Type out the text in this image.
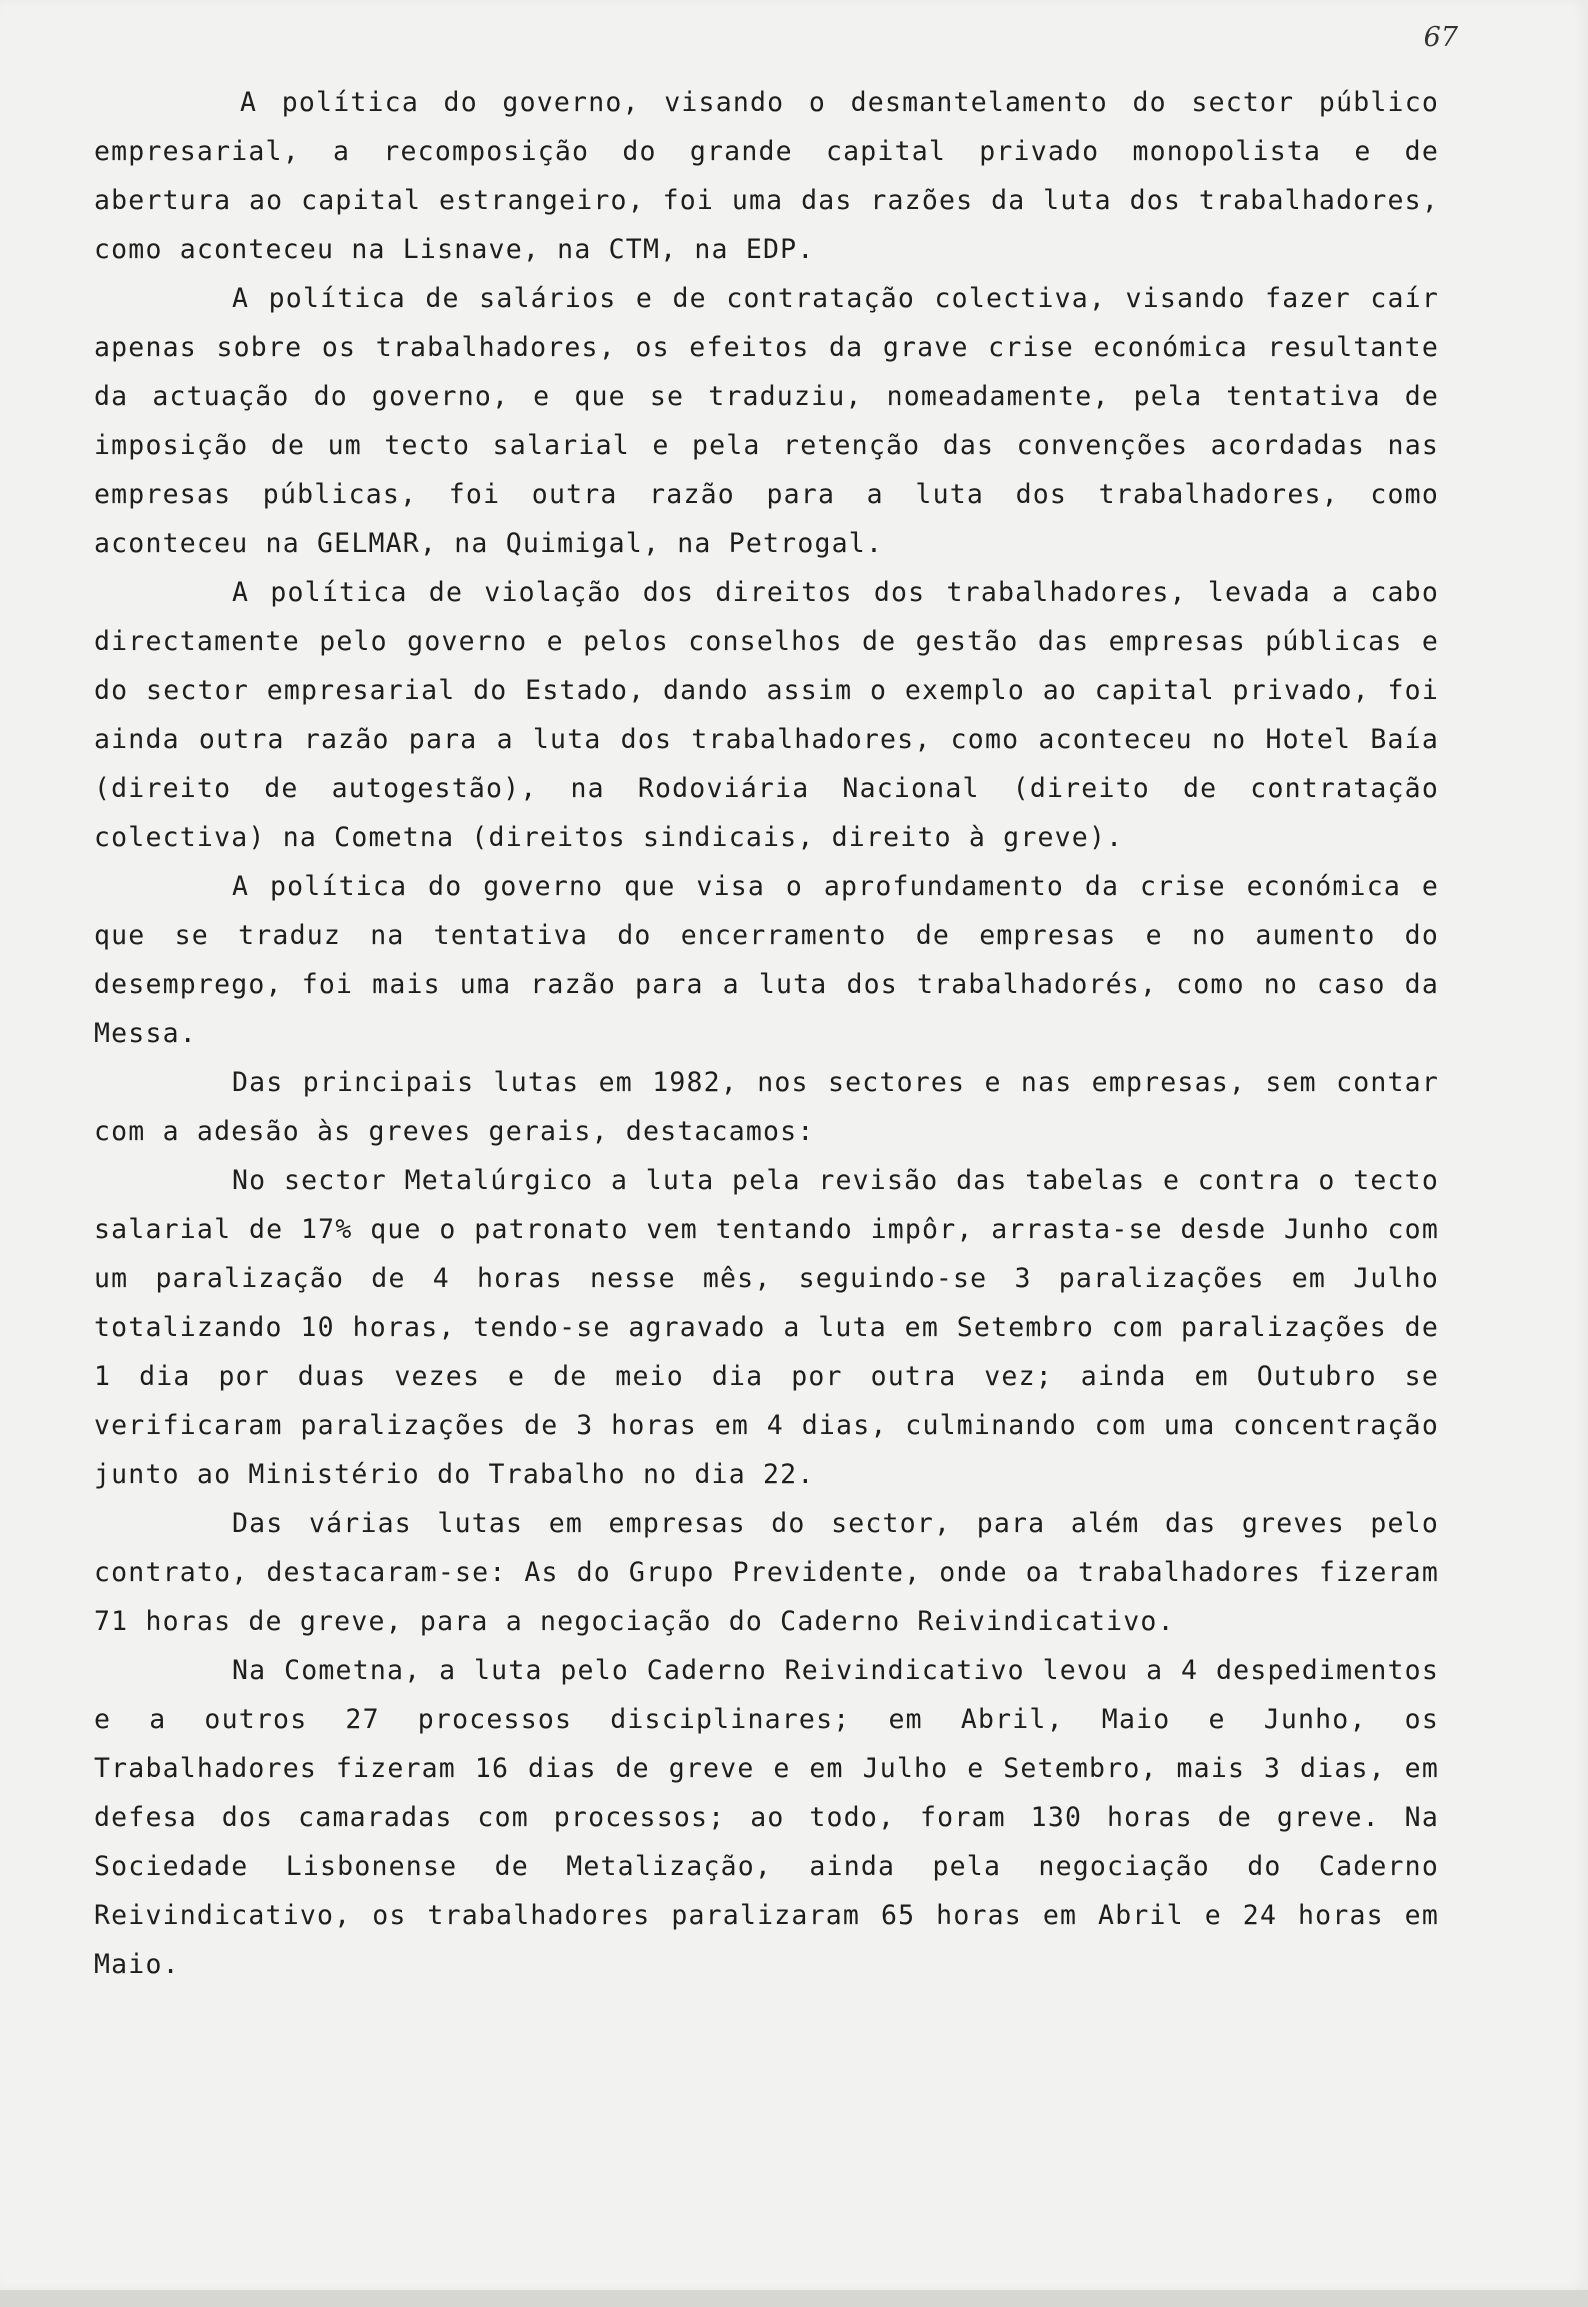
67

A política do governo, visando o desmantelamento do sector público empresarial, a recomposição do grande capital privado monopolista e de abertura ao capital estrangeiro, foi uma das razões da luta dos trabalhadores, como aconteceu na Lisnave, na CTM, na EDP.

A política de salários e de contratação colectiva, visando fazer caír apenas sobre os trabalhadores, os efeitos da grave crise económica resultante da actuação do governo, e que se traduziu, nomeadamente, pela tentativa de imposição de um tecto salarial e pela retenção das convenções acordadas nas empresas públicas, foi outra razão para a luta dos trabalhadores, como aconteceu na GELMAR, na Quimigal, na Petrogal.

A política de violação dos direitos dos trabalhadores, levada a cabo directamente pelo governo e pelos conselhos de gestão das empresas públicas e do sector empresarial do Estado, dando assim o exemplo ao capital privado, foi ainda outra razão para a luta dos trabalhadores, como aconteceu no Hotel Baía (direito de autogestão), na Rodoviária Nacional (direito de contratação colectiva) na Cometna (direitos sindicais, direito à greve).

A política do governo que visa o aprofundamento da crise económica e que se traduz na tentativa do encerramento de empresas e no aumento do desemprego, foi mais uma razão para a luta dos trabalhadorés, como no caso da Messa.

Das principais lutas em 1982, nos sectores e nas empresas, sem contar com a adesão às greves gerais, destacamos:

No sector Metalúrgico a luta pela revisão das tabelas e contra o tecto salarial de 17% que o patronato vem tentando impôr, arrasta-se desde Junho com um paralização de 4 horas nesse mês, seguindo-se 3 paralizações em Julho totalizando 10 horas, tendo-se agravado a luta em Setembro com paralizações de 1 dia por duas vezes e de meio dia por outra vez; ainda em Outubro se verificaram paralizações de 3 horas em 4 dias, culminando com uma concentração junto ao Ministério do Trabalho no dia 22.

Das várias lutas em empresas do sector, para além das greves pelo contrato, destacaram-se: As do Grupo Previdente, onde oa trabalhadores fizeram 71 horas de greve, para a negociação do Caderno Reivindicativo.

Na Cometna, a luta pelo Caderno Reivindicativo levou a 4 despedimentos e a outros 27 processos disciplinares; em Abril, Maio e Junho, os Trabalhadores fizeram 16 dias de greve e em Julho e Setembro, mais 3 dias, em defesa dos camaradas com processos; ao todo, foram 130 horas de greve. Na Sociedade Lisbonense de Metalização, ainda pela negociação do Caderno Reivindicativo, os trabalhadores paralizaram 65 horas em Abril e 24 horas em Maio.
